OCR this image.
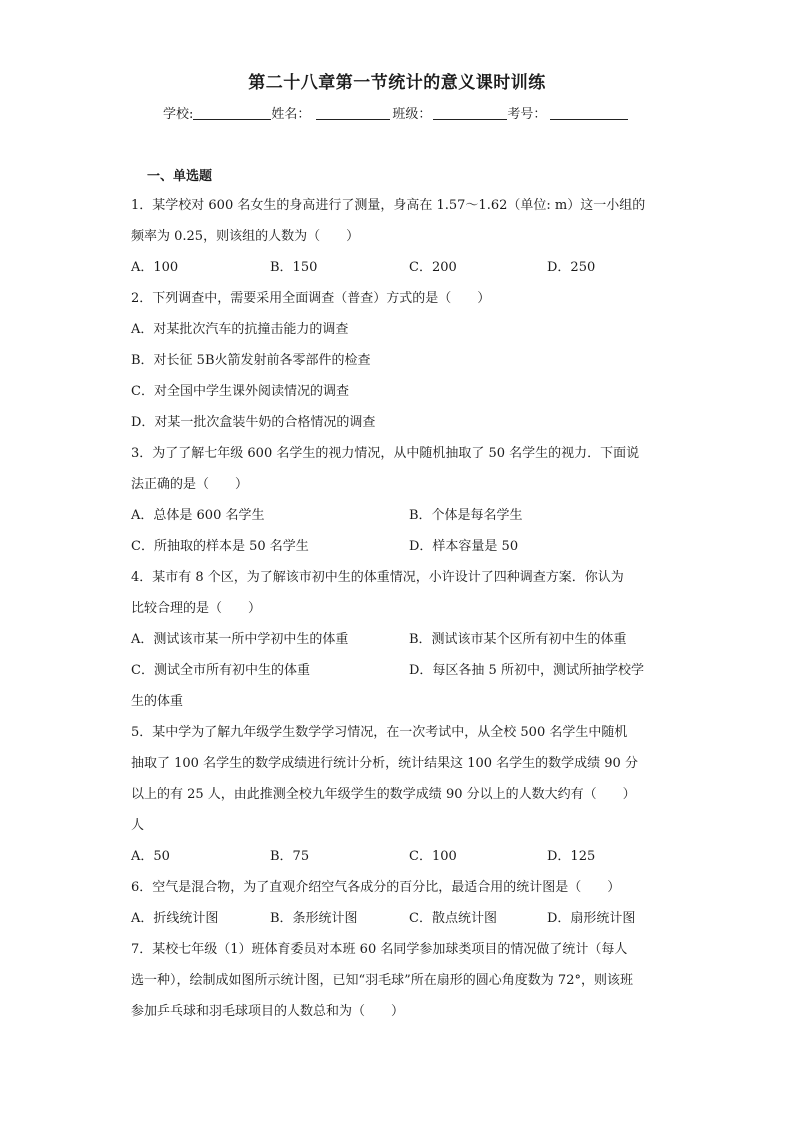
第二十八章第一节统计的意义课时训练
学校:	姓名：	班级：	考号：
一、单选题
1．某学校对 600 名女生的身高进行了测量，身高在 1.57～1.62（单位: m）这一小组的
频率为 0.25，则该组的人数为（　　）
A．100	B．150	C．200	D．250
2．下列调查中，需要采用全面调查（普查）方式的是（　　）
A．对某批次汽车的抗撞击能力的调查
B．对长征 5B火箭发射前各零部件的检查
C．对全国中学生课外阅读情况的调查
D．对某一批次盒装牛奶的合格情况的调查
3．为了了解七年级 600 名学生的视力情况，从中随机抽取了 50 名学生的视力．下面说
法正确的是（　　）
A．总体是 600 名学生	B．个体是每名学生
C．所抽取的样本是 50 名学生	D．样本容量是 50
4．某市有 8 个区，为了解该市初中生的体重情况，小许设计了四种调查方案．你认为
比较合理的是（　　）
A．测试该市某一所中学初中生的体重	B．测试该市某个区所有初中生的体重
C．测试全市所有初中生的体重	D．每区各抽 5 所初中，测试所抽学校学
生的体重
5．某中学为了解九年级学生数学学习情况，在一次考试中，从全校 500 名学生中随机
抽取了 100 名学生的数学成绩进行统计分析，统计结果这 100 名学生的数学成绩 90 分
以上的有 25 人，由此推测全校九年级学生的数学成绩 90 分以上的人数大约有（　　）
人
A．50	B．75	C．100	D．125
6．空气是混合物，为了直观介绍空气各成分的百分比，最适合用的统计图是（　　）
A．折线统计图	B．条形统计图	C．散点统计图	D．扇形统计图
7．某校七年级（1）班体育委员对本班 60 名同学参加球类项目的情况做了统计（每人
选一种），绘制成如图所示统计图，已知“羽毛球”所在扇形的圆心角度数为 72°，则该班
参加乒乓球和羽毛球项目的人数总和为（　　）
